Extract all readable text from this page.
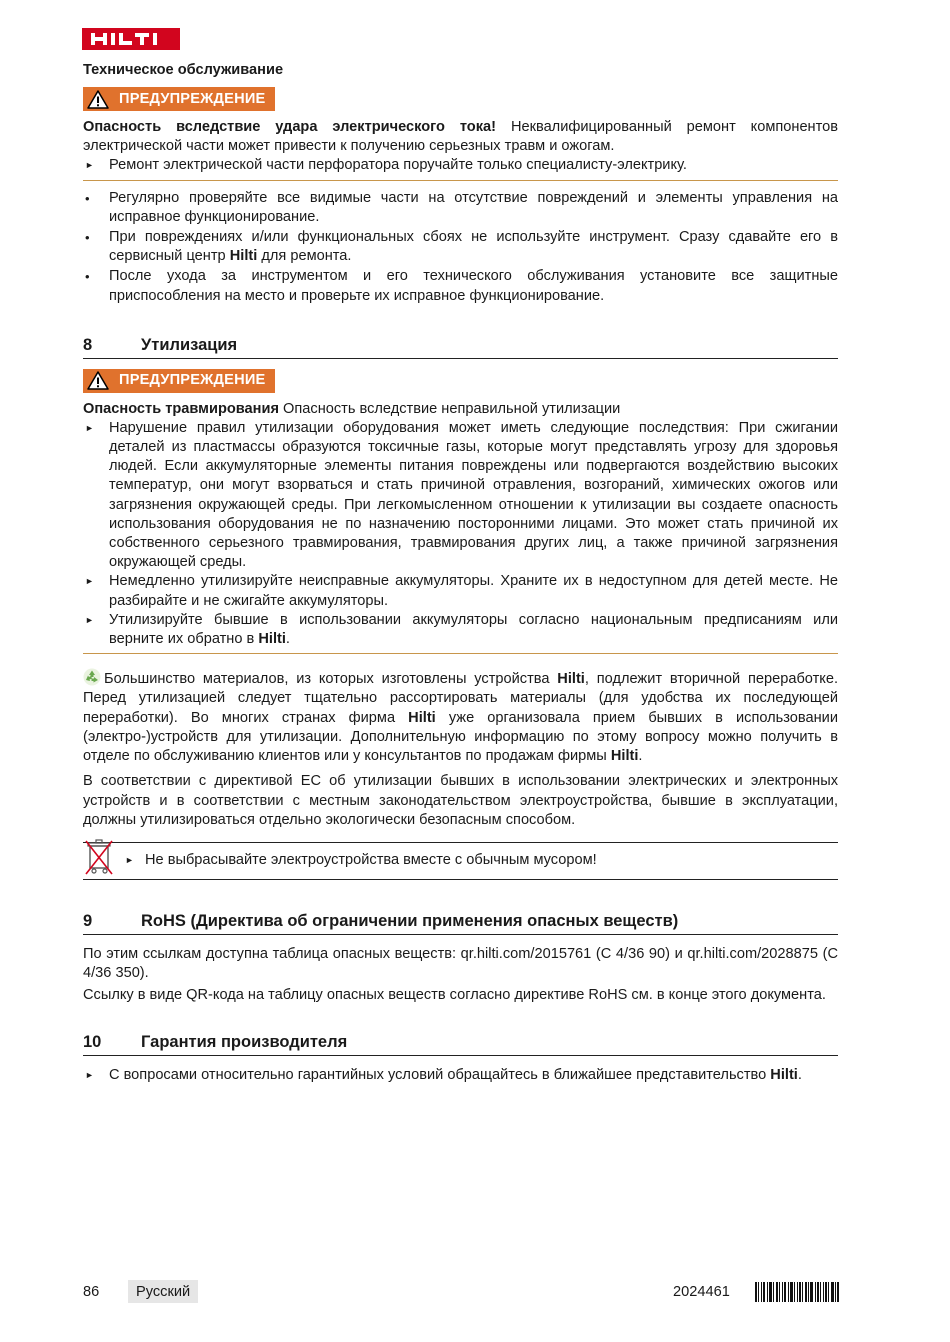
Техническое обслуживание
ПРЕДУПРЕЖДЕНИЕ
Опасность вследствие удара электрического тока! Неквалифицированный ремонт компонентов электрической части может привести к получению серьезных травм и ожогам.
► Ремонт электрической части перфоратора поручайте только специалисту-электрику.
• Регулярно проверяйте все видимые части на отсутствие повреждений и элементы управления на исправное функционирование.
• При повреждениях и/или функциональных сбоях не используйте инструмент. Сразу сдавайте его в сервисный центр Hilti для ремонта.
• После ухода за инструментом и его технического обслуживания установите все защитные приспособления на место и проверьте их исправное функционирование.
8	Утилизация
ПРЕДУПРЕЖДЕНИЕ
Опасность травмирования Опасность вследствие неправильной утилизации
► Нарушение правил утилизации оборудования может иметь следующие последствия: При сжигании деталей из пластмассы образуются токсичные газы, которые могут представлять угрозу для здоровья людей. Если аккумуляторные элементы питания повреждены или подвергаются воздействию высоких температур, они могут взорваться и стать причиной отравления, возгораний, химических ожогов или загрязнения окружающей среды. При легкомысленном отношении к утилизации вы создаете опасность использования оборудования не по назначению посторонними лицами. Это может стать причиной их собственного серьезного травмирования, травмирования других лиц, а также причиной загрязнения окружающей среды.
► Немедленно утилизируйте неисправные аккумуляторы. Храните их в недоступном для детей месте. Не разбирайте и не сжигайте аккумуляторы.
► Утилизируйте бывшие в использовании аккумуляторы согласно национальным предписаниям или верните их обратно в Hilti.

Большинство материалов, из которых изготовлены устройства Hilti, подлежит вторичной переработке. Перед утилизацией следует тщательно рассортировать материалы (для удобства их последующей переработки). Во многих странах фирма Hilti уже организовала прием бывших в использовании (электро-)устройств для утилизации. Дополнительную информацию по этому вопросу можно получить в отделе по обслуживанию клиентов или у консультантов по продажам фирмы Hilti.

В соответствии с директивой ЕС об утилизации бывших в использовании электрических и электронных устройств и в соответствии с местным законодательством электроустройства, бывшие в эксплуатации, должны утилизироваться отдельно экологически безопасным способом.

► Не выбрасывайте электроустройства вместе с обычным мусором!
9	RoHS (Директива об ограничении применения опасных веществ)

По этим ссылкам доступна таблица опасных веществ: qr.hilti.com/2015761 (C 4/36 90) и qr.hilti.com/2028875 (C 4/36 350).

Ссылку в виде QR-кода на таблицу опасных веществ согласно директиве RoHS см. в конце этого документа.

10	Гарантия производителя
► С вопросами относительно гарантийных условий обращайтесь в ближайшее представительство Hilti.
86	Русский	2024461
